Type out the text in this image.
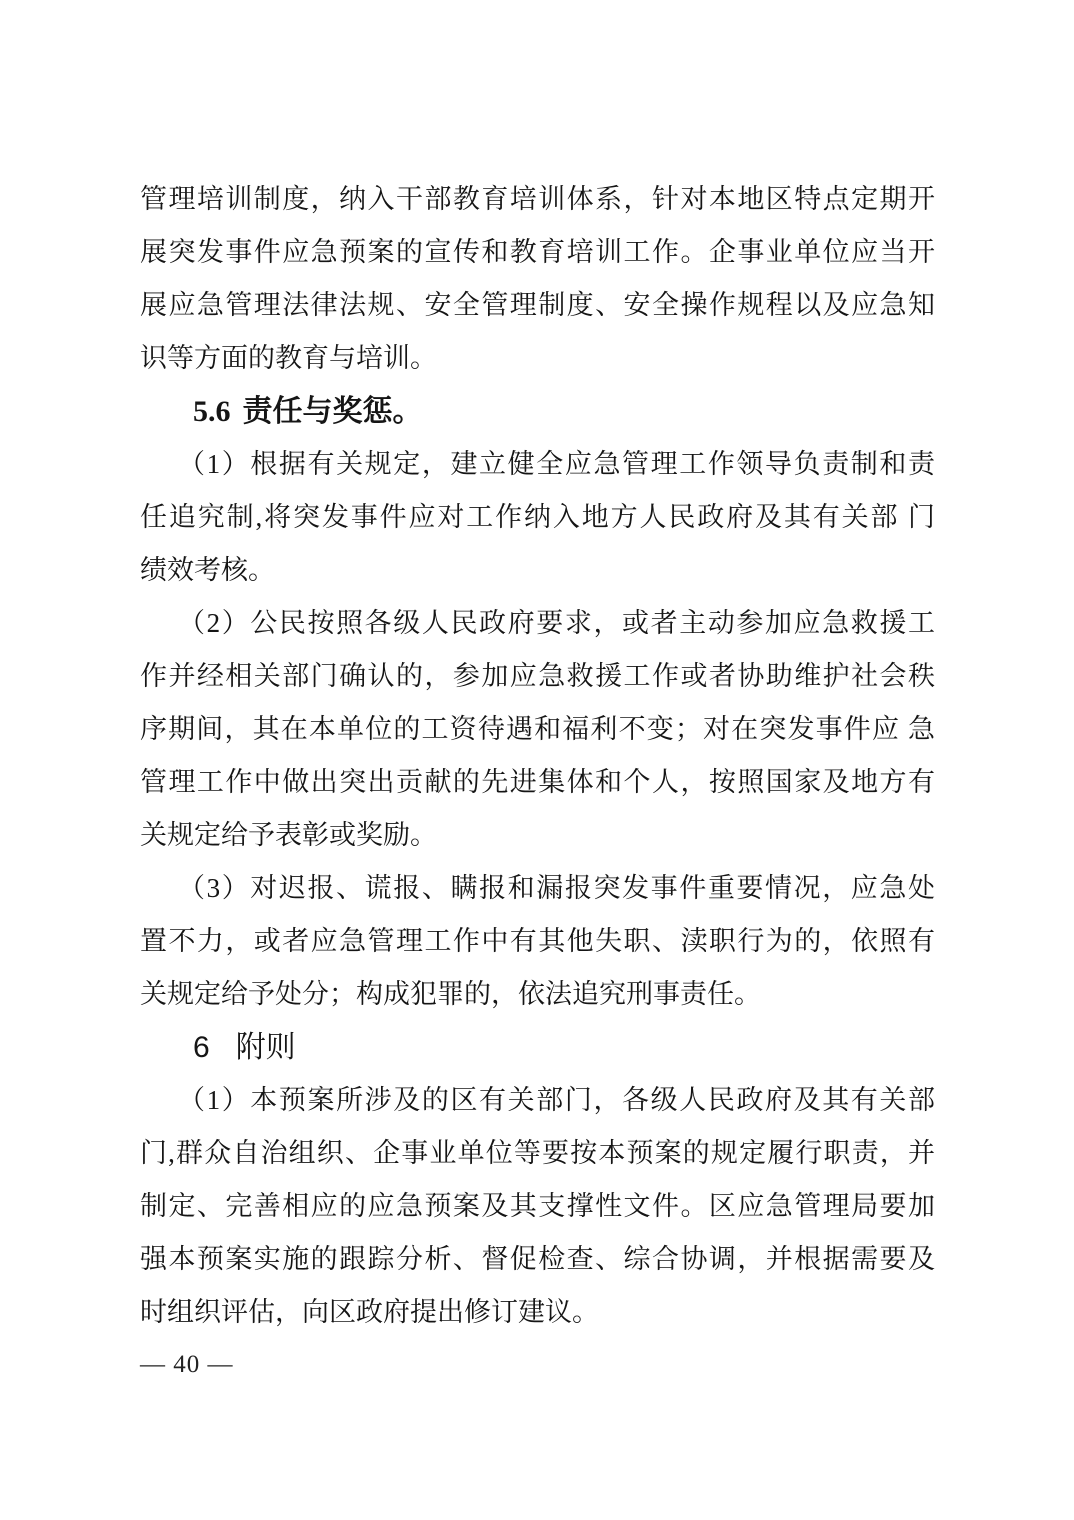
管理培训制度，纳入干部教育培训体系，针对本地区特点定期开
展突发事件应急预案的宣传和教育培训工作。企事业单位应当开
展应急管理法律法规、安全管理制度、安全操作规程以及应急知
识等方面的教育与培训。
5.6 责任与奖惩。
（1）根据有关规定，建立健全应急管理工作领导负责制和责
任追究制,将突发事件应对工作纳入地方人民政府及其有关部 门
绩效考核。
（2）公民按照各级人民政府要求，或者主动参加应急救援工
作并经相关部门确认的，参加应急救援工作或者协助维护社会秩
序期间，其在本单位的工资待遇和福利不变；对在突发事件应 急
管理工作中做出突出贡献的先进集体和个人，按照国家及地方有
关规定给予表彰或奖励。
（3）对迟报、谎报、瞒报和漏报突发事件重要情况，应急处
置不力，或者应急管理工作中有其他失职、渎职行为的，依照有
关规定给予处分；构成犯罪的，依法追究刑事责任。
6 附则
（1）本预案所涉及的区有关部门，各级人民政府及其有关部
门,群众自治组织、企事业单位等要按本预案的规定履行职责，并
制定、完善相应的应急预案及其支撑性文件。区应急管理局要加
强本预案实施的跟踪分析、督促检查、综合协调，并根据需要及
时组织评估，向区政府提出修订建议。
— 40 —
